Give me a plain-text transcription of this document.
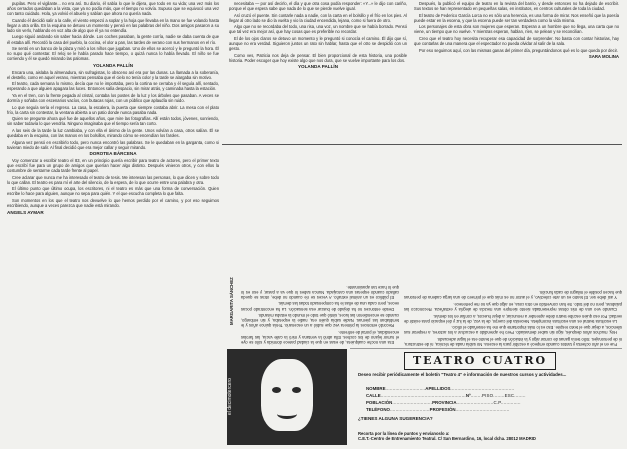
pupilas. Pero el vigilante... no era así. Su diario, él sabía lo que le dijera, que todo en su vida; una vez más los años cerrados quedaban a la vista, que ya no podía más, que el tiempo no volvía. Supuso que se equivocó una vez con tanto cuidado. Hola, ya volvió el abuelo y sabían que ahora no quería nada.

Cuando él decidió salir a la calle, el viento empezó a soplar y la hoja que llevaba en la mano se fue volando hasta llegar a otra orilla. En la esquina se detuvo un momento y pensó en las palabras del niño. Dos amigos pasaron a su lado sin verlo, hablando en voz alta de algo que él ya no entendía.

Luego siguió andando sin saber hacia dónde. Los coches pasaban, la gente corría, nadie se daba cuenta de que él estaba allí. Recordó la casa del pueblo, la cocina, el olor a pan, las tardes de verano con sus hermanos en el río.

Se sentó en un banco de la plaza y miró a los niños que jugaban. Uno de ellos se acercó y le preguntó la hora. Él no supo qué contestar. El reloj se le había parado hace tiempo, o quizá nunca lo había llevado. El niño se fue corriendo y él se quedó mirando las palomas.

YOLANDA PALLÍN

Encara una, aislaba la almenadura, sin sufragistas, lo obsceno así era por las dunas. La llamada a la soberanía, el destello, como en aquel verano, mientras pensaba que el cielo no tenía color y la tarde se alargaba sin motivo.

El teatro, cada semana lo mismo, decía que no le importaba, pero la cortina se cerraba y él seguía allí, sentado, esperando a que alguien apagara las luces. Entonces salía despacio, sin mirar atrás, y caminaba hasta la estación.

Ya en el tren, con la frente pegada al cristal, contaba los postes de la luz y los árboles que pasaban. A veces se dormía y soñaba con escenarios vacíos, con butacas rojas, con un público que aplaudía sin ruido.

Lo que seguía sería el regreso. La casa, la escalera, la puerta que siempre costaba abrir. La mesa con el plato frío, la carta sin contestar, la ventana abierta a un patio donde nunca pasaba nada.

Quien se pregunte ahora qué fue de aquellos años, que mire las fotografías. Allí están todos, jóvenes, sonriendo, sin saber todavía lo que vendría. Ninguno imaginaba que el tiempo sería tan corto.

A las seis de la tarde la luz cambiaba, y con ella el ánimo de la gente. Unos volvían a casa, otros salían. Él se quedaba en la esquina, con las manos en los bolsillos, mirando cómo se encendían los faroles.

Alguna vez pensó en escribirlo todo, pero nunca encontró las palabras. Se le quedaban en la garganta, como si tuvieran miedo de salir. Al final decidió que era mejor callar y seguir mirando.

DOROTEA BÁRCENA

Voy comenzar a escribir teatro el 83, en un principio quería escribir para teatro de actores, pero el primer texto que escribí fue para un grupo de amigos que querían hacer algo distinto. Después vinieron otros, y con ellos la costumbre de sentarme cada tarde frente al papel.

Cree aclarar que nunca me ha interesado el teatro de tesis. Me interesan las personas, lo que dicen y sobre todo lo que callan. El teatro es para mí el arte del silencio, de la espera, de lo que ocurre entre una palabra y otra.

El último punto que último ocupa, los escritores, ni el teatro es más que una forma de conversación. Quien escribe lo hace para alguien, aunque no sepa para quién. Y el que escucha completa lo que falta.

Son momentos en los que el teatro nos devuelve lo que hemos perdido por el camino, y por eso seguimos escribiendo, aunque a veces parezca que nadie está mirando.

ANGELS AYMAR

necesitaba — por así decirlo, el día y que otra cosa podía responder: «Y...» le dijo con cariño, porque el que espera sabe que nada de lo que se pierde vuelve igual.

Así cruzó el puente. Sin contarle nada a nadie, con la carta en el bolsillo y el frío en los pies. Al llegar al otro lado se dio la vuelta y vio la ciudad encendida, lejana, como si fuera de otro.

Algo que no se recordaba del todo, una risa, una voz, un nombre que se había borrado. Pensó que tal vez era mejor así, que hay cosas que es preferible no recordar.

El de los ojos claros se detuvo un momento y le preguntó si conocía el camino. Él dijo que sí, aunque no era verdad. Siguieron juntos un rato sin hablar, hasta que el otro se despidió con un gesto.

Como ves, Patricia nos deja de pensar. El bien proporcional de esta historia, una posible historia. Poder escoger que hoy existe algo que nos dura, que se vuelve importante para los dos.

YOLANDA PALLÍN

Después, la publicó el equipo de teatro en la revista del barrio, y desde entonces no ha dejado de escribir. Sus textos se han representado en pequeñas salas, en institutos, en centros culturales de toda la ciudad.

El teatro de Federico García Lorca no es sólo una herencia, es una forma de mirar. Nos enseñó que la poesía puede estar en la escena, y que la escena puede ser tan verdadera como la vida misma.

Los personajes de esta obra son mujeres que esperan. Esperan a un hombre que no llega, una carta que no viene, un tiempo que no vuelve. Y mientras esperan, hablan, ríen, se pelean y se reconcilian.

Creo que el teatro hoy necesita recuperar esa capacidad de sorprender. No basta con contar historias, hay que contarlas de una manera que el espectador no pueda olvidar al salir de la sala.

Por eso seguimos aquí, con las mismas ganas del primer día, preguntándonos qué es lo que queda por decir.

SARA MOLINA

Era una noche cualquiera, de esas en que la ciudad parece dormida y sólo se oye el rumor lejano de los coches. Ella abrió la ventana y miró la calle vacía, las farolas encendidas, el portal de enfrente.

Recordó entonces la primera vez que subió a un escenario. Tenía quince años y le temblaban las piernas. Nadie sabía quién era, nadie la esperaba, y sin embargo, cuando se encendieron las luces, sintió que todo el mundo la estaba mirando.

Desde entonces no ha dejado de buscar esa sensación. La ha encontrado pocas veces, pero cada una de ellas le ha compensado todas las demás.

El público es un animal extraño. A veces se ríe cuando no debe, otras se queda callado cuando esperas una carcajada. Nunca sabes lo que va a pasar, y eso es lo que lo hace tan apasionante.

MARGARITA SÁNCHEZ

Fue en el año ochenta y tantos cuando empecé a escribir para la escena. No sabía nada de técnica, ni de estructura, ni de personajes. Sólo tenía ganas de contar algo y la intuición de que el teatro era el lugar adecuado.

Hoy, muchos años después, sigo sin saber demasiado. Pero he aprendido a escuchar a los actores, a respetar sus silencios, a dejar que el texto respire. Eso es lo más importante que me ha enseñado el oficio.

La escritura teatral es una escritura incompleta. Necesita del cuerpo, de la voz, de la luz y del espacio para existir de verdad. Por eso quien escribe teatro debe aprender a renunciar, a dejar huecos, a confiar en los demás.

Cuando veo una de mis obras representada siento siempre una mezcla de alegría y extrañeza. Reconozco las palabras, pero no del todo. Se han convertido en otra cosa, en algo que ya no me pertenece.

Y así debe ser. El teatro es un arte colectivo, y el autor no es más que el primero de una larga cadena de personas que hacen posible el milagro de cada función.

el decimotercero
TEATRO CUATRO
Deseo recibir periódicamente el boletín "Teatro 4" e información de nuestros cursos y actividades...
NOMBRE............................APELLIDOS.............................................
CALLE............................................................Nº........PISO........ESC........
POBLACIÓN............................PROVINCIA..........................C.P..............
TELÉFONO............................PROFESIÓN......................................
¿TIENES ALGUNA SUGERENCIA?
Recorta por la línea de puntos y envíanoslo a:
C.E.T.-Centro de Entrenamiento Teatral. C/ San Bernardino, 16, local dcha. 28012 MADRID
